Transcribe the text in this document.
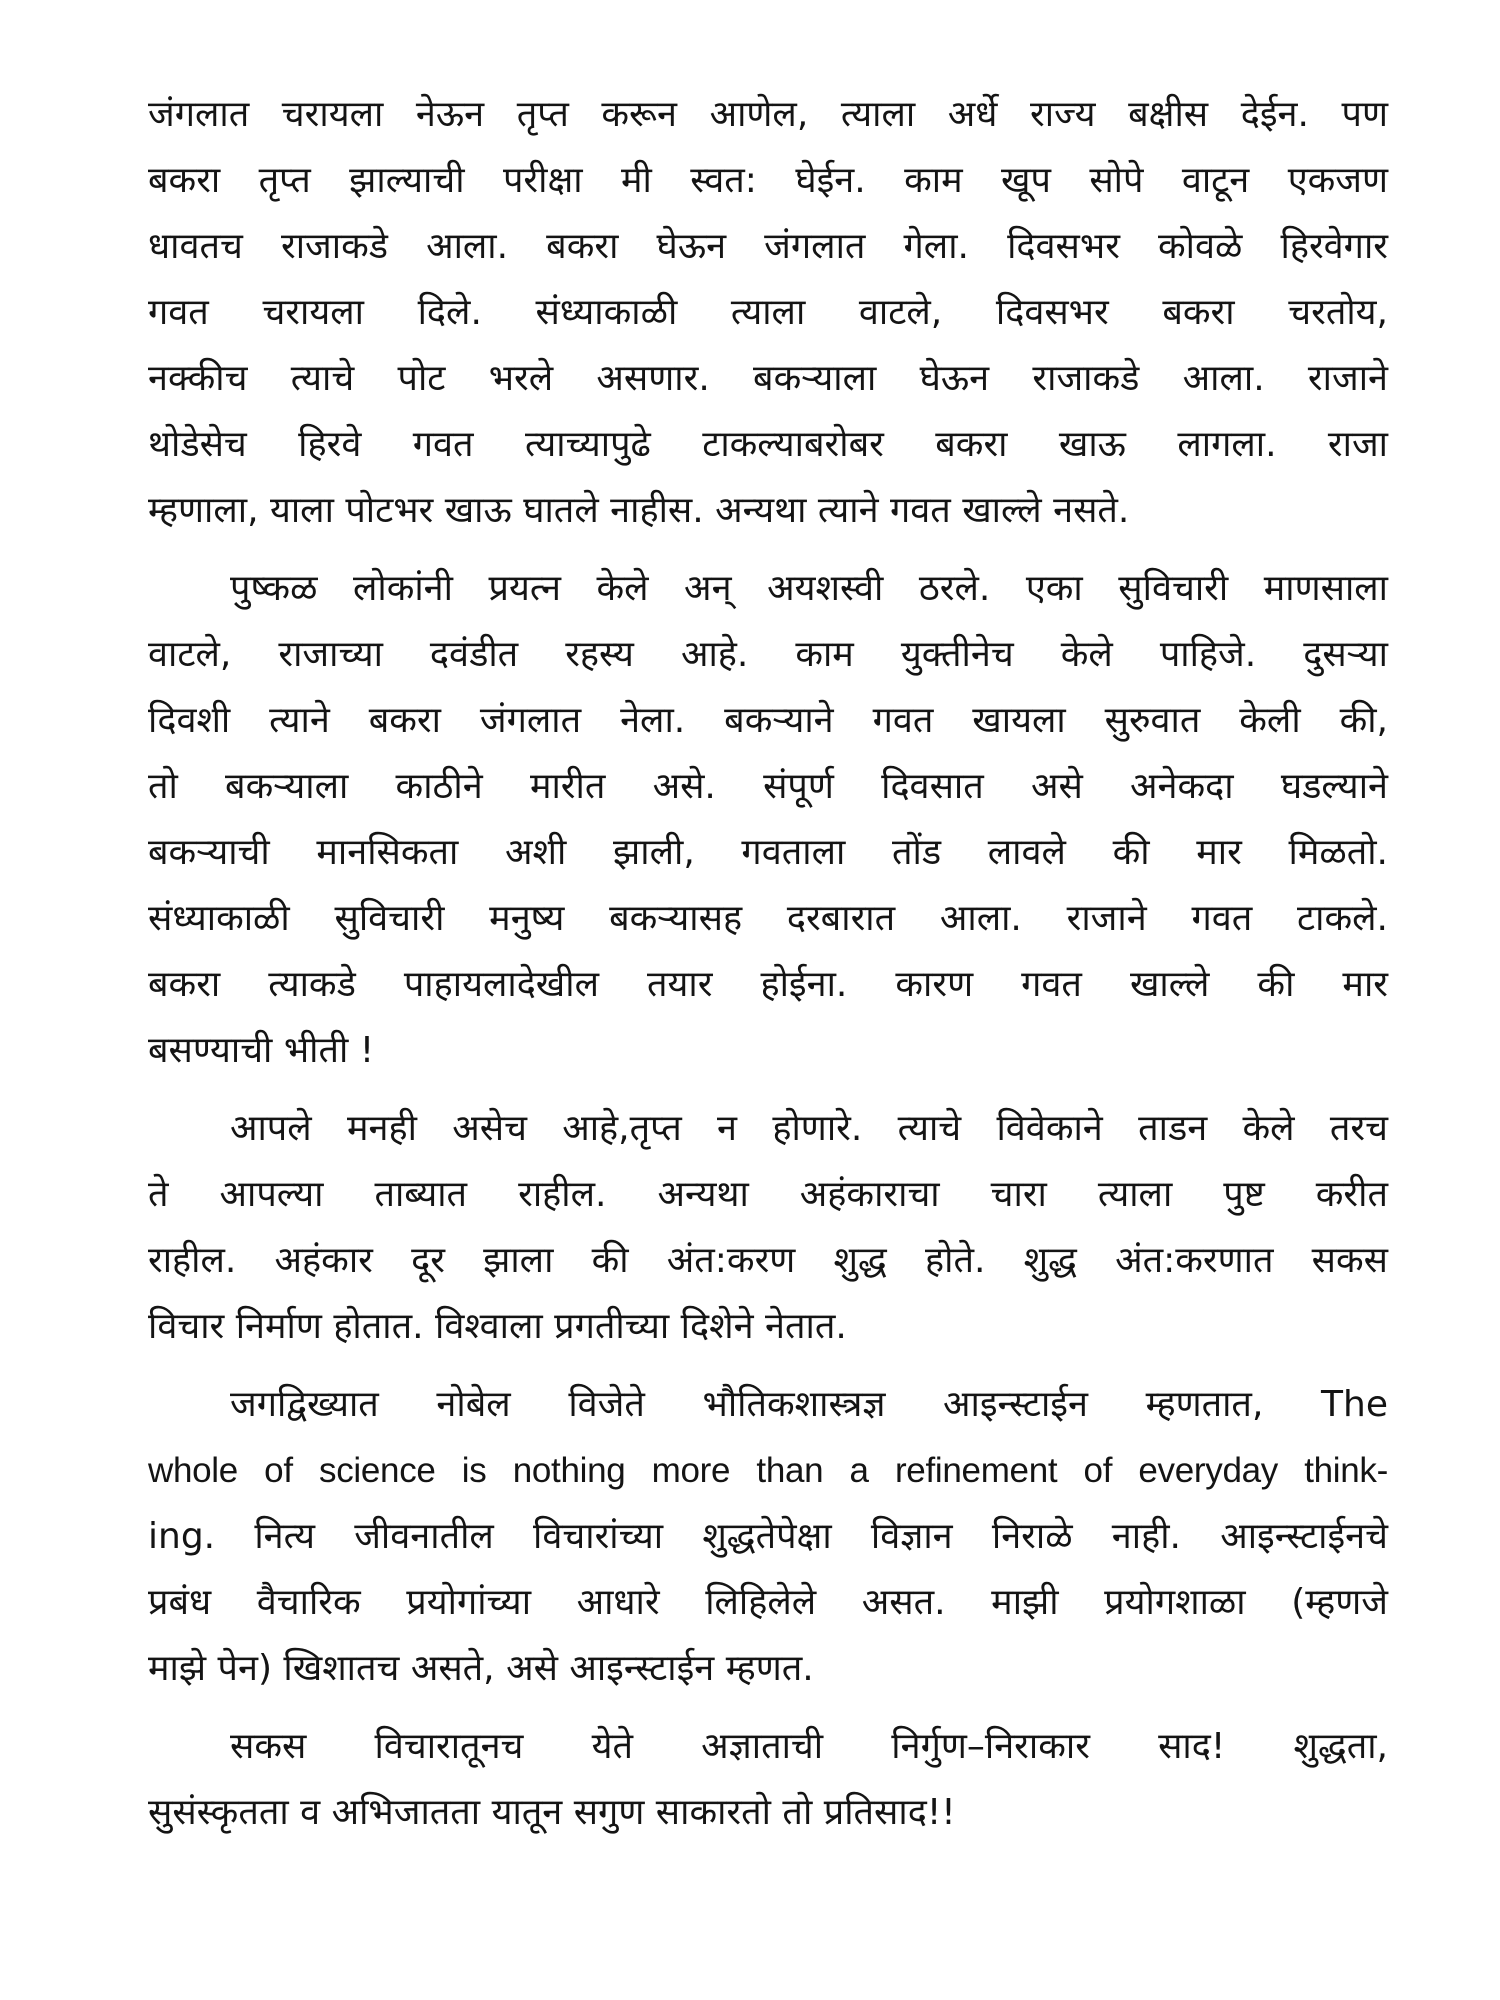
जंगलात चरायला नेऊन तृप्त करून आणेल, त्याला अर्धे राज्य बक्षीस देईन. पण
बकरा तृप्त झाल्याची परीक्षा मी स्वत: घेईन. काम खूप सोपे वाटून एकजण
धावतच राजाकडे आला. बकरा घेऊन जंगलात गेला. दिवसभर कोवळे हिरवेगार
गवत चरायला दिले. संध्याकाळी त्याला वाटले, दिवसभर बकरा चरतोय,
नक्कीच त्याचे पोट भरले असणार. बकऱ्याला घेऊन राजाकडे आला. राजाने
थोडेसेच हिरवे गवत त्याच्यापुढे टाकल्याबरोबर बकरा खाऊ लागला. राजा
म्हणाला, याला पोटभर खाऊ घातले नाहीस. अन्यथा त्याने गवत खाल्ले नसते.
पुष्कळ लोकांनी प्रयत्न केले अन् अयशस्वी ठरले. एका सुविचारी माणसाला
वाटले, राजाच्या दवंडीत रहस्य आहे. काम युक्तीनेच केले पाहिजे. दुसऱ्या
दिवशी त्याने बकरा जंगलात नेला. बकऱ्याने गवत खायला सुरुवात केली की,
तो बकऱ्याला काठीने मारीत असे. संपूर्ण दिवसात असे अनेकदा घडल्याने
बकऱ्याची मानसिकता अशी झाली, गवताला तोंड लावले की मार मिळतो.
संध्याकाळी सुविचारी मनुष्य बकऱ्यासह दरबारात आला. राजाने गवत टाकले.
बकरा त्याकडे पाहायलादेखील तयार होईना. कारण गवत खाल्ले की मार
बसण्याची भीती !
आपले मनही असेच आहे,तृप्त न होणारे. त्याचे विवेकाने ताडन केले तरच
ते आपल्या ताब्यात राहील. अन्यथा अहंकाराचा चारा त्याला पुष्ट करीत
राहील. अहंकार दूर झाला की अंत:करण शुद्ध होते. शुद्ध अंत:करणात सकस
विचार निर्माण होतात. विश्वाला प्रगतीच्या दिशेने नेतात.
जगद्विख्यात नोबेल विजेते भौतिकशास्त्रज्ञ आइन्स्टाईन म्हणतात, The
whole of science is nothing more than a refinement of everyday think-
ing. नित्य जीवनातील विचारांच्या शुद्धतेपेक्षा विज्ञान निराळे नाही. आइन्स्टाईनचे
प्रबंध वैचारिक प्रयोगांच्या आधारे लिहिलेले असत. माझी प्रयोगशाळा (म्हणजे
माझे पेन) खिशातच असते, असे आइन्स्टाईन म्हणत.
सकस विचारातूनच येते अज्ञाताची निर्गुण–निराकार साद! शुद्धता,
सुसंस्कृतता व अभिजातता यातून सगुण साकारतो तो प्रतिसाद!!
